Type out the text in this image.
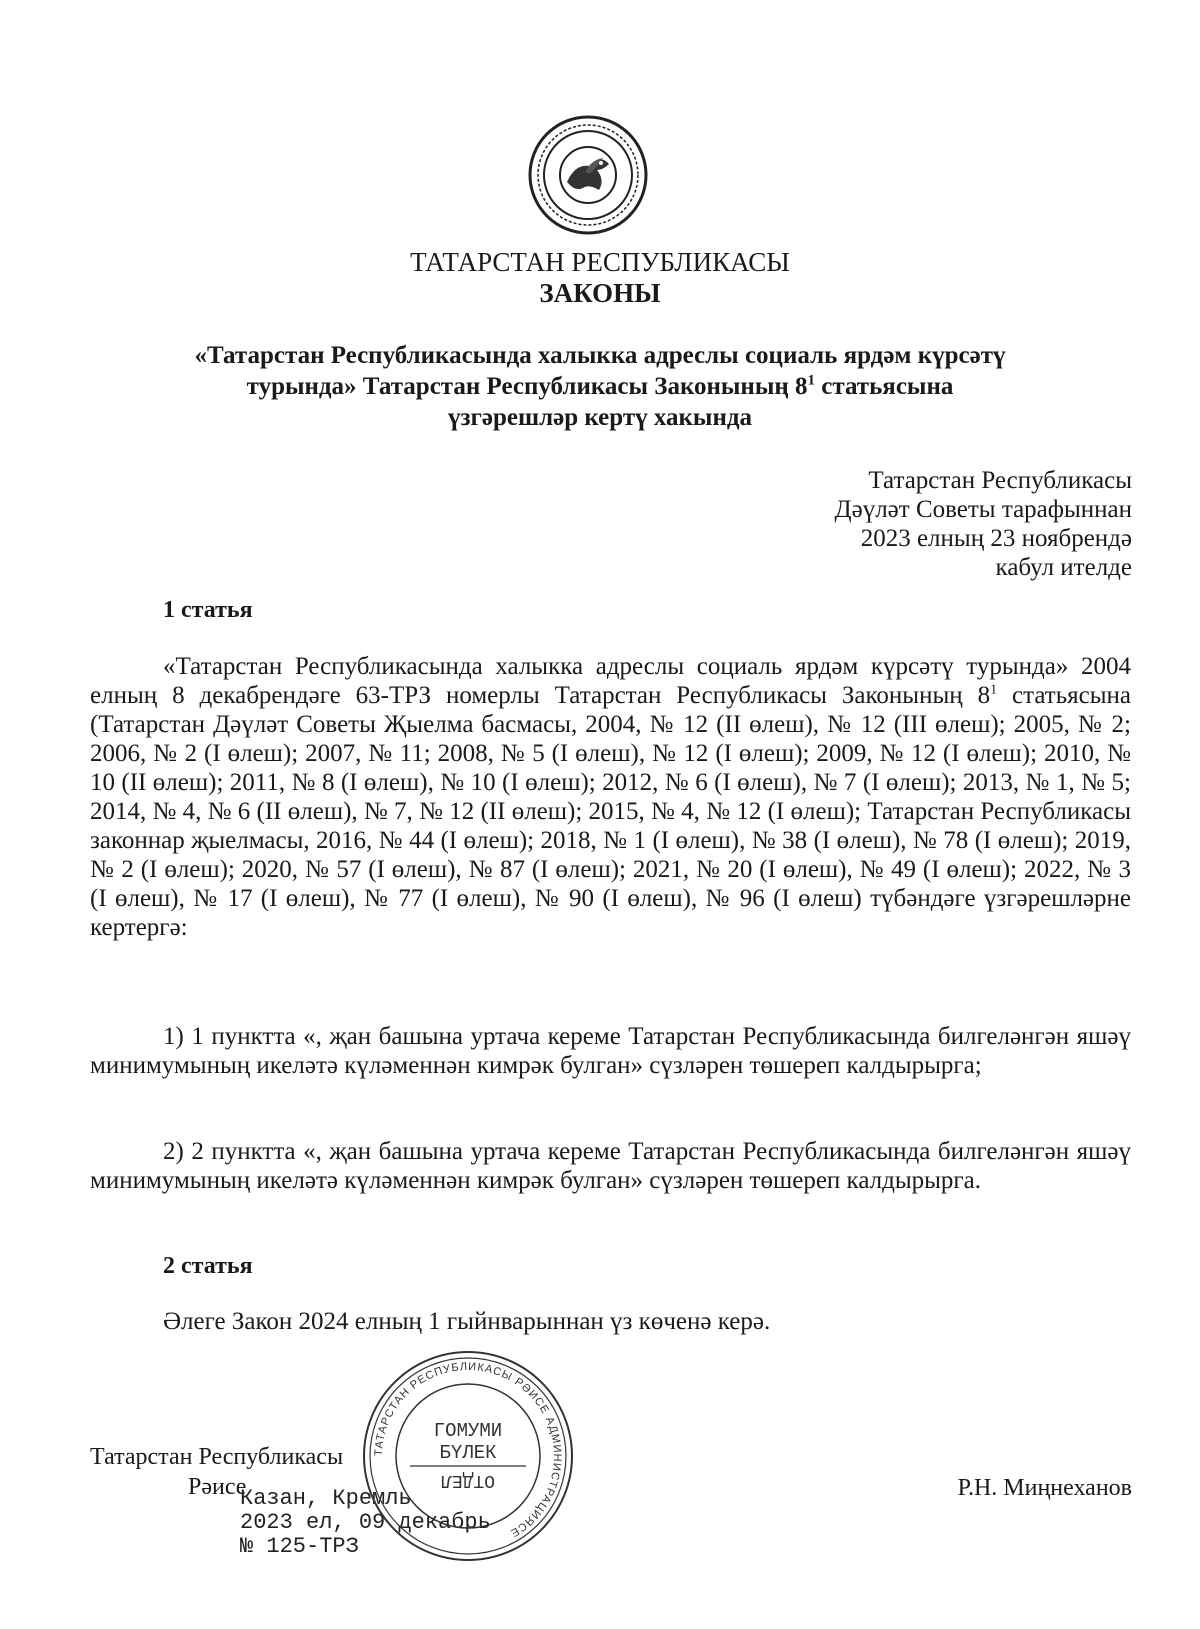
ТАТАРСТАН РЕСПУБЛИКАСЫ
ЗАКОНЫ
«Татарстан Республикасында халыкка адреслы социаль ярдәм күрсәтү
турында» Татарстан Республикасы Законының $8^1$ статьясына
үзгәрешләр кертү хакында
Татарстан Республикасы
Дәүләт Советы тарафыннан
2023 елның 23 ноябрендә
кабул ителде
1 статья
«Татарстан Республикасында халыкка адреслы социаль ярдәм күрсәтү турында» 2004 елның 8 декабрендәге 63-ТРЗ номерлы Татарстан Республикасы Законының $8^1$ статьясына (Татарстан Дәүләт Советы Җыелма басмасы, 2004, № 12 (II өлеш), № 12 (III өлеш); 2005, № 2; 2006, № 2 (I өлеш); 2007, № 11; 2008, № 5 (I өлеш), № 12 (I өлеш); 2009, № 12 (I өлеш); 2010, № 10 (II өлеш); 2011, № 8 (I өлеш), № 10 (I өлеш); 2012, № 6 (I өлеш), № 7 (I өлеш); 2013, № 1, № 5; 2014, № 4, № 6 (II өлеш), № 7, № 12 (II өлеш); 2015, № 4, № 12 (I өлеш); Татарстан Республикасы законнар җыелмасы, 2016, № 44 (I өлеш); 2018, № 1 (I өлеш), № 38 (I өлеш), № 78 (I өлеш); 2019, № 2 (I өлеш); 2020, № 57 (I өлеш), № 87 (I өлеш); 2021, № 20 (I өлеш), № 49 (I өлеш); 2022, № 3 (I өлеш), № 17 (I өлеш), № 77 (I өлеш), № 90 (I өлеш), № 96 (I өлеш) түбәндәге үзгәрешләрне кертергә:
1) 1 пунктта «, җан башына уртача кереме Татарстан Республикасында билгеләнгән яшәү минимумының икеләтә күләменнән кимрәк булган» сүзләрен төшереп калдырырга;
2) 2 пунктта «, җан башына уртача кереме Татарстан Республикасында билгеләнгән яшәү минимумының икеләтә күләменнән кимрәк булган» сүзләрен төшереп калдырырга.
2 статья
Әлеге Закон 2024 елның 1 гыйнварыннан үз көченә керә.
Татарстан Республикасы
Рәисе	Р.Н. Миңнеханов
Казан, Кремль
2023 ел, 09 декабрь
№ 125-ТРЗ
ТАТАРСТАН РЕСПУБЛИКАСЫ РӘИСЕ АДМИНИСТРАЦИЯСЕ
ГОМУМИ
БҮЛЕК
ОТДЕЛ
